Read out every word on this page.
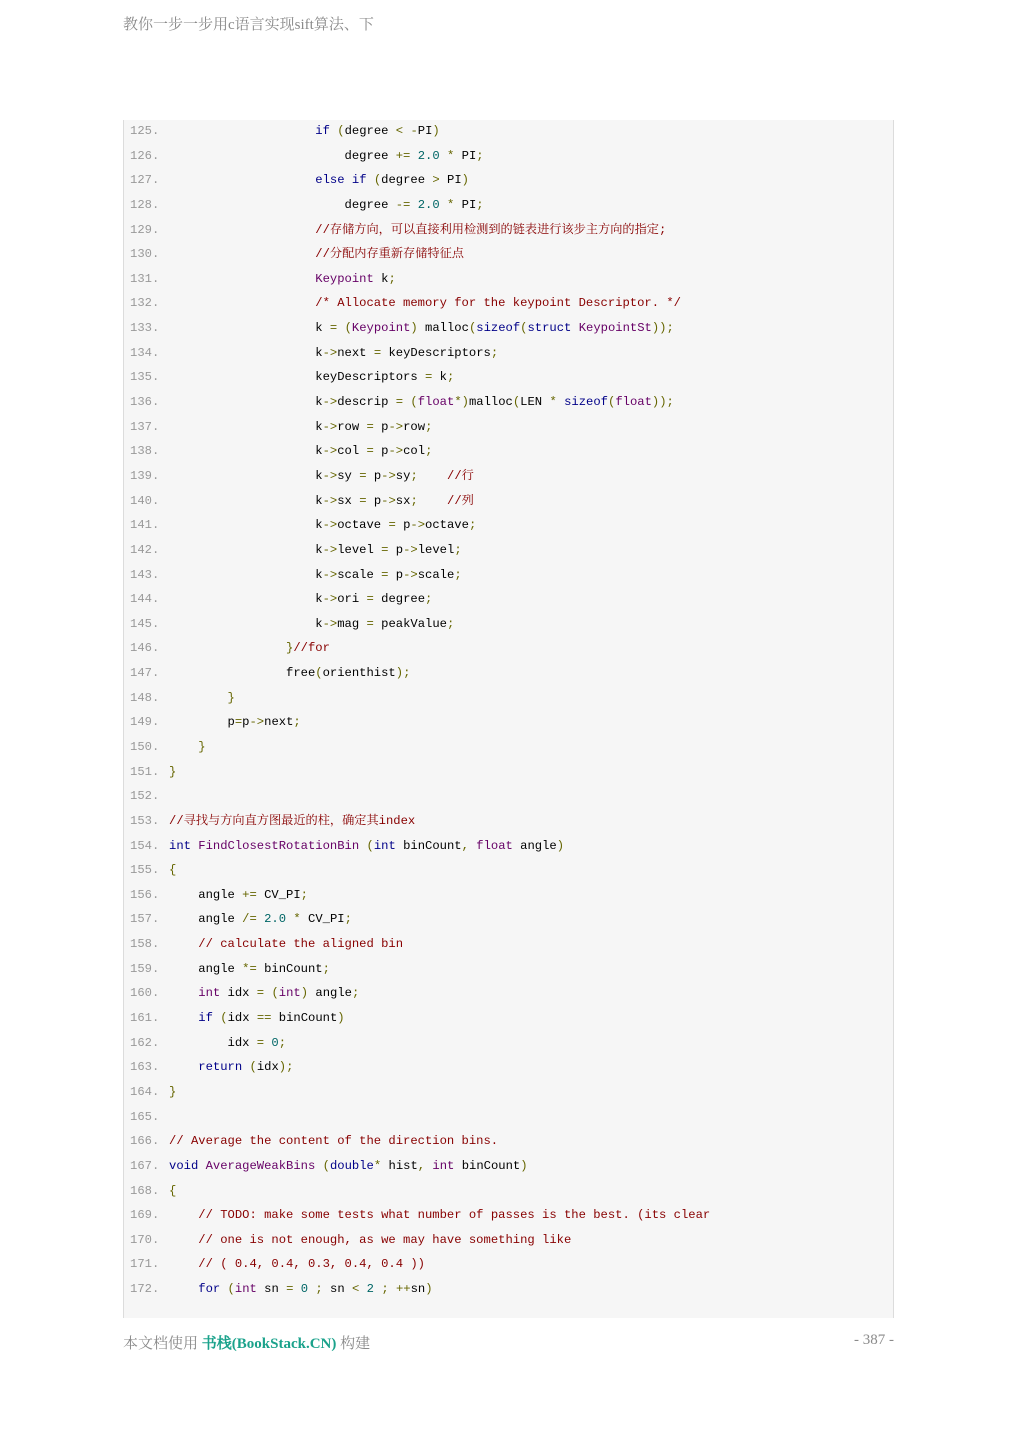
教你一步一步用c语言实现sift算法、下
125.	if (degree < -PI)
126. degree += 2.0 * PI;
127.	else if (degree > PI)
128. degree -= 2.0 * PI;
129.	//存储方向，可以直接利用检测到的链表进行该步主方向的指定;
130.	//分配内存重新存储特征点
131.	Keypoint k;
132.	/* Allocate memory for the keypoint Descriptor. */
133. k = (Keypoint) malloc(sizeof(struct KeypointSt));
134. k->next = keyDescriptors;
135. keyDescriptors = k;
136. k->descrip = (float*)malloc(LEN * sizeof(float));
137. k->row = p->row;
138. k->col = p->col;
139. k->sy = p->sy; //行
140. k->sx = p->sx; //列
141. k->octave = p->octave;
142. k->level = p->level;
143. k->scale = p->scale;
144. k->ori = degree;
145. k->mag = peakValue;
146.	}//for
147. free(orienthist);
148.	}
149. p=p->next;
150.	}
151. }
152.
153. //寻找与方向直方图最近的柱，确定其index
154. int FindClosestRotationBin (int binCount, float angle)
155. {
156. angle += CV_PI;
157. angle /= 2.0 * CV_PI;
158.	// calculate the aligned bin
159. angle *= binCount;
160.	int idx = (int) angle;
161.	if (idx == binCount)
162. idx = 0;
163.	return (idx);
164. }
165.
166. // Average the content of the direction bins.
167. void AverageWeakBins (double* hist, int binCount)
168. {
169.	// TODO: make some tests what number of passes is the best. (its clear
170.	// one is not enough, as we may have something like
171.	// ( 0.4, 0.4, 0.3, 0.4, 0.4 ))
172.	for (int sn = 0 ; sn < 2 ; ++sn)
本文档使用 书栈(BookStack.CN) 构建	- 387 -
